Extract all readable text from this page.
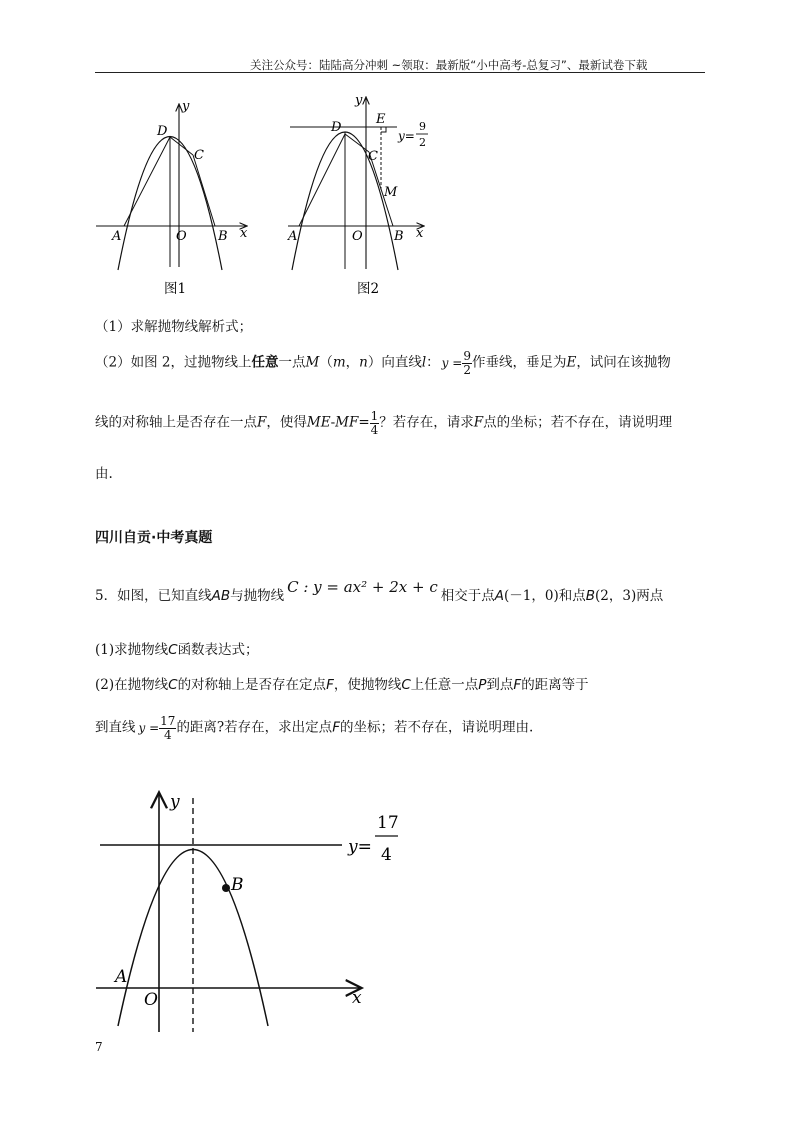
关注公众号：陆陆高分冲刺 ~领取：最新版“小中高考-总复习”、最新试卷下载
y
x
D
C
A	O B
图1
y
x
E
y=
9
2
D
C
M
A	O B
图2
（1）求解抛物线解析式；
（2）如图 2，过抛物线上任意一点M（m，n）向直线l： $y = \frac{9}{2}$ 作垂线，垂足为E，试问在该抛物
线的对称轴上是否存在一点F，使得$ME-MF= \frac{1}{4}$ ？若存在，请求F点的坐标；若不存在，请说明理
由.
四川自贡·中考真题
5．如图，已知直线AB与抛物线 C : y = ax² + 2x + c 相交于点A(－1，0)和点B(2，3)两点
(1)求抛物线C函数表达式；
(2)在抛物线C的对称轴上是否存在定点F，使抛物线C上任意一点P到点F的距离等于
到直线 $y = \frac{17}{4}$ 的距离?若存在，求出定点F的坐标；若不存在，请说明理由.
y
x
A
O
B
y=
17
4
7
